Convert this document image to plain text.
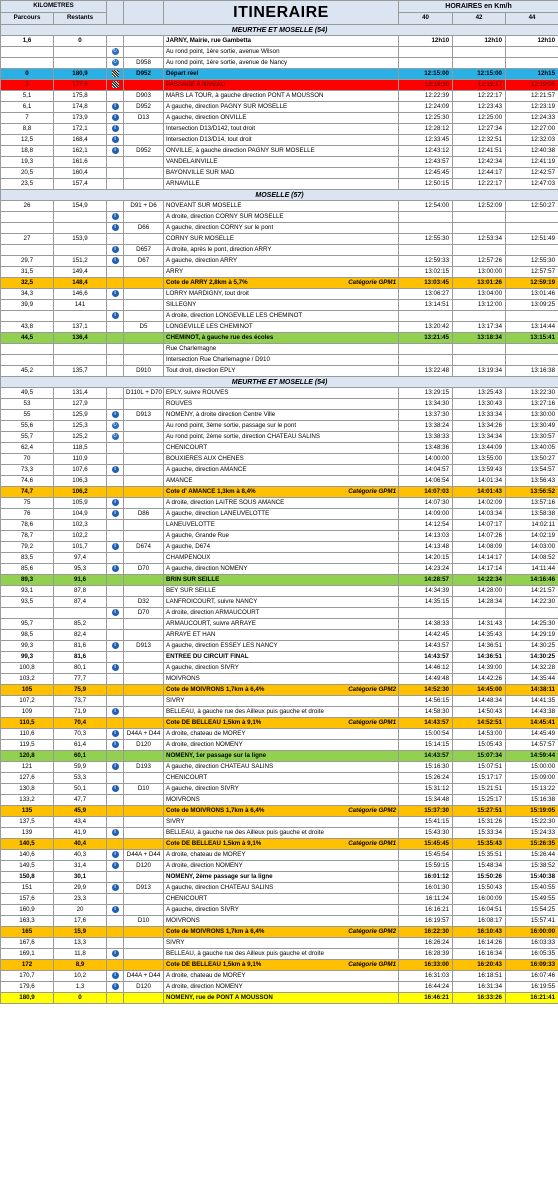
KILOMETRES				ITINERAIRE	HORAIRES en Km/h		
Parcours	Restants				40	42	44
MEURTHE ET MOSELLE (54)							
1,6	0			JARNY, Mairie, rue Gambetta	12h10	12h10	12h10
		↻		Au rond point, 1ère sortie, avenue Wilson			
		↻	D958	Au rond point, 1ère sortie, avenue de Nancy			
0	180,9		D952	Départ réel	12:15:00	12:15:00	12h15
3	177,9			PASSAGE A NIVEAU	12:19:30	12:19:17	12:19:05
5,1	175,8		D903	MARS LA TOUR, à gauche direction PONT A MOUSSON	12:22:39	12:22:17	12:21:57
6,1	174,8	i	D952	A gauche, direction PAGNY SUR MOSELLE	12:24:09	12:23:43	12:23:19
7	173,9	i	D13	A gauche, direction ONVILLE	12:25:30	12:25:00	12:24:33
8,8	172,1	i		Intersection D13/D142, tout droit	12:28:12	12:27:34	12:27:00
12,5	168,4	i		Intersection D13/D14, tout droit	12:33:45	12:32:51	12:32:03
18,8	162,1	i	D952	ONVILLE, à gauche direction PAGNY SUR MOSELLE	12:43:12	12:41:51	12:40:38
19,3	161,6			VANDELAINVILLE	12:43:57	12:42:34	12:41:19
20,5	160,4			BAYONVILLE SUR MAD	12:45:45	12:44:17	12:42:57
23,5	157,4			ARNAVILLE	12:50:15	12:22:17	12:47:03
MOSELLE (57)							
26	154,9		D91 + D6	NOVEANT SUR MOSELLE	12:54:00	12:52:09	12:50:27
		i		A droite, direction CORNY SUR MOSELLE			
		i	D66	A gauche, direction CORNY sur le pont			
27	153,9			CORNY SUR MOSELLE	12:55:30	12:53:34	12:51:49
		i	D657	A droite, après le pont, direction ARRY			
29,7	151,2	i	D67	A gauche, direction ARRY	12:59:33	12:57:26	12:55:30
31,5	149,4			ARRY	13:02:15	13:00:00	12:57:57
32,5	148,4			Cote de ARRY 2,8km à 5,7% Catégorie GPM1	13:03:45	13:01:26	12:59:19
34,3	146,6	i		LORRY MARDIGNY, tout droit	13:06:27	13:04:00	13:01:46
39,9	141			SILLEGNY	13:14:51	13:12:00	13:09:25
		i		A droite, direction LONGEVILLE LES CHEMINOT			
43,8	137,1		D5	LONGEVILLE LES CHEMINOT	13:20:42	13:17:34	13:14:44
44,5	136,4			CHEMINOT, à gauche rue des écoles	13:21:45	13:18:34	13:15:41
				Rue Charlemagne			
				Intersection Rue Charlemagne / D910			
45,2	135,7		D910	Tout droit, direction EPLY	13:22:48	13:19:34	13:16:38
MEURTHE ET MOSELLE (54)							
49,5	131,4		D110L + D70	EPLY, suivre ROUVES	13:29:15	13:25:43	13:22:30
53	127,9			ROUVES	13:34:30	13:30:43	13:27:16
55	125,9	i	D913	NOMENY, à droite direction Centre Ville	13:37:30	13:33:34	13:30:00
55,6	125,3	↻		Au rond point, 3ème sortie, passage sur le pont	13:38:24	13:34:26	13:30:49
55,7	125,2	↻		Au rond point, 2ème sortie, direction CHATEAU SALINS	13:38:33	13:34:34	13:30:57
62,4	118,5			CHENICOURT	13:48:36	13:44:09	13:40:05
70	110,9			BOUXIERES AUX CHENES	14:00:00	13:55:00	13:50:27
73,3	107,6	i		A gauche, direction AMANCE	14:04:57	13:59:43	13:54:57
74,6	106,3			AMANCE	14:06:54	14:01:34	13:56:43
74,7	106,2			Cote d' AMANCE 1,3km à 8,4% Catégorie GPM1	14:07:03	14:01:43	13:56:52
75	105,9	i		A droite, direction LAITRE SOUS AMANCE	14:07:30	14:02:09	13:57:16
76	104,9	i	D86	A gauche, direction LANEUVELOTTE	14:09:00	14:03:34	13:58:38
78,6	102,3			LANEUVELOTTE	14:12:54	14:07:17	14:02:11
78,7	102,2			A gauche, Grande Rue	14:13:03	14:07:26	14:02:19
79,2	101,7	i	D674	A gauche, D674	14:13:48	14:08:09	14:03:00
83,5	97,4			CHAMPENOUX	14:20:15	14:14:17	14:08:52
85,6	95,3	i	D70	A gauche, direction NOMENY	14:23:24	14:17:14	14:11:44
89,3	91,6			BRIN SUR SEILLE	14:28:57	14:22:34	14:16:46
93,1	87,8			BEY SUR SEILLE	14:34:39	14:28:00	14:21:57
93,5	87,4		D32	LANFROICOURT, suivre NANCY	14:35:15	14:28:34	14:22:30
		i	D70	A droite, direction ARMAUCOURT			
95,7	85,2			ARMAUCOURT, suivre ARRAYE	14:38:33	14:31:43	14:25:30
98,5	82,4			ARRAYE ET HAN	14:42:45	14:35:43	14:29:19
99,3	81,6	i	D913	A gauche, direction ESSEY LES NANCY	14:43:57	14:36:51	14:30:25
99,3	81,6			ENTREE DU CIRCUIT FINAL	14:43:57	14:36:51	14:30:25
100,8	80,1	i		A gauche, direction SIVRY	14:46:12	14:39:00	14:32:28
103,2	77,7			MOIVRONS	14:49:48	14:42:26	14:35:44
105	75,9			Cote de MOIVRONS 1,7km à 6,4% Catégorie GPM2	14:52:30	14:45:00	14:38:11
107,2	73,7			SIVRY	14:56:15	14:48:34	14:41:35
109	71,9	i		BELLEAU, à gauche rue des Ailleux puis gauche et droite	14:58:30	14:50:43	14:43:38
110,5	70,4			Cote DE BELLEAU 1,5km à 9,1% Catégorie GPM1	14:43:57	14:52:51	14:45:41
110,6	70,3	i	D44A + D44	A droite, chateau de MOREY	15:00:54	14:53:00	14:45:49
119,5	61,4	i	D120	A droite, direction NOMENY	15:14:15	15:05:43	14:57:57
120,8	60,1			NOMENY, 1er passage sur la ligne	14:43:57	15:07:34	14:59:44
121	59,9	i	D193	A gauche, direction CHATEAU SALINS	15:16:30	15:07:51	15:00:00
127,6	53,3			CHENICOURT	15:26:24	15:17:17	15:09:00
130,8	50,1	i	D10	A gauche, direction SIVRY	15:31:12	15:21:51	15:13:22
133,2	47,7			MOIVRONS	15:34:48	15:25:17	15:16:38
135	45,9			Cote de MOIVRONS 1,7km à 6,4% Catégorie GPM2	15:37:30	15:27:51	15:19:05
137,5	43,4			SIVRY	15:41:15	15:31:26	15:22:30
139	41,9	i		BELLEAU, à gauche rue des Ailleux puis gauche et droite	15:43:30	15:33:34	15:24:33
140,5	40,4			Cote DE BELLEAU 1,5km à 9,1% Catégorie GPM1	15:45:45	15:35:43	15:26:35
140,6	40,3	i	D44A + D44	A droite, chateau de MOREY	15:45:54	15:35:51	15:26:44
149,5	31,4	i	D120	A droite, direction NOMENY	15:59:15	15:48:34	15:38:52
150,8	30,1			NOMENY, 2ème passage sur la ligne	16:01:12	15:50:26	15:40:38
151	29,9	i	D913	A gauche, direction CHATEAU SALINS	16:01:30	15:50:43	15:40:55
157,6	23,3			CHENICOURT	16:11:24	16:00:09	15:49:55
160,9	20	i		A gauche, direction SIVRY	16:16:21	16:04:51	15:54:25
163,3	17,6		D10	MOIVRONS	16:19:57	16:08:17	15:57:41
165	15,9			Cote de MOIVRONS 1,7km à 6,4% Catégorie GPM2	16:22:30	16:10:43	16:00:00
167,6	13,3			SIVRY	16:26:24	16:14:26	16:03:33
169,1	11,8	i		BELLEAU, à gauche rue des Ailleux puis gauche et droite	16:28:39	16:16:34	16:05:35
172	8,9			Cote DE BELLEAU 1,5km à 9,1% Catégorie GPM1	16:33:00	16:20:43	16:09:33
170,7	10,2	i	D44A + D44	A droite, chateau de MOREY	16:31:03	16:18:51	16:07:46
179,6	1,3	i	D120	A droite, direction NOMENY	16:44:24	16:31:34	16:19:55
180,9	0			NOMENY, rue de PONT A MOUSSON	16:46:21	16:33:26	16:21:41
